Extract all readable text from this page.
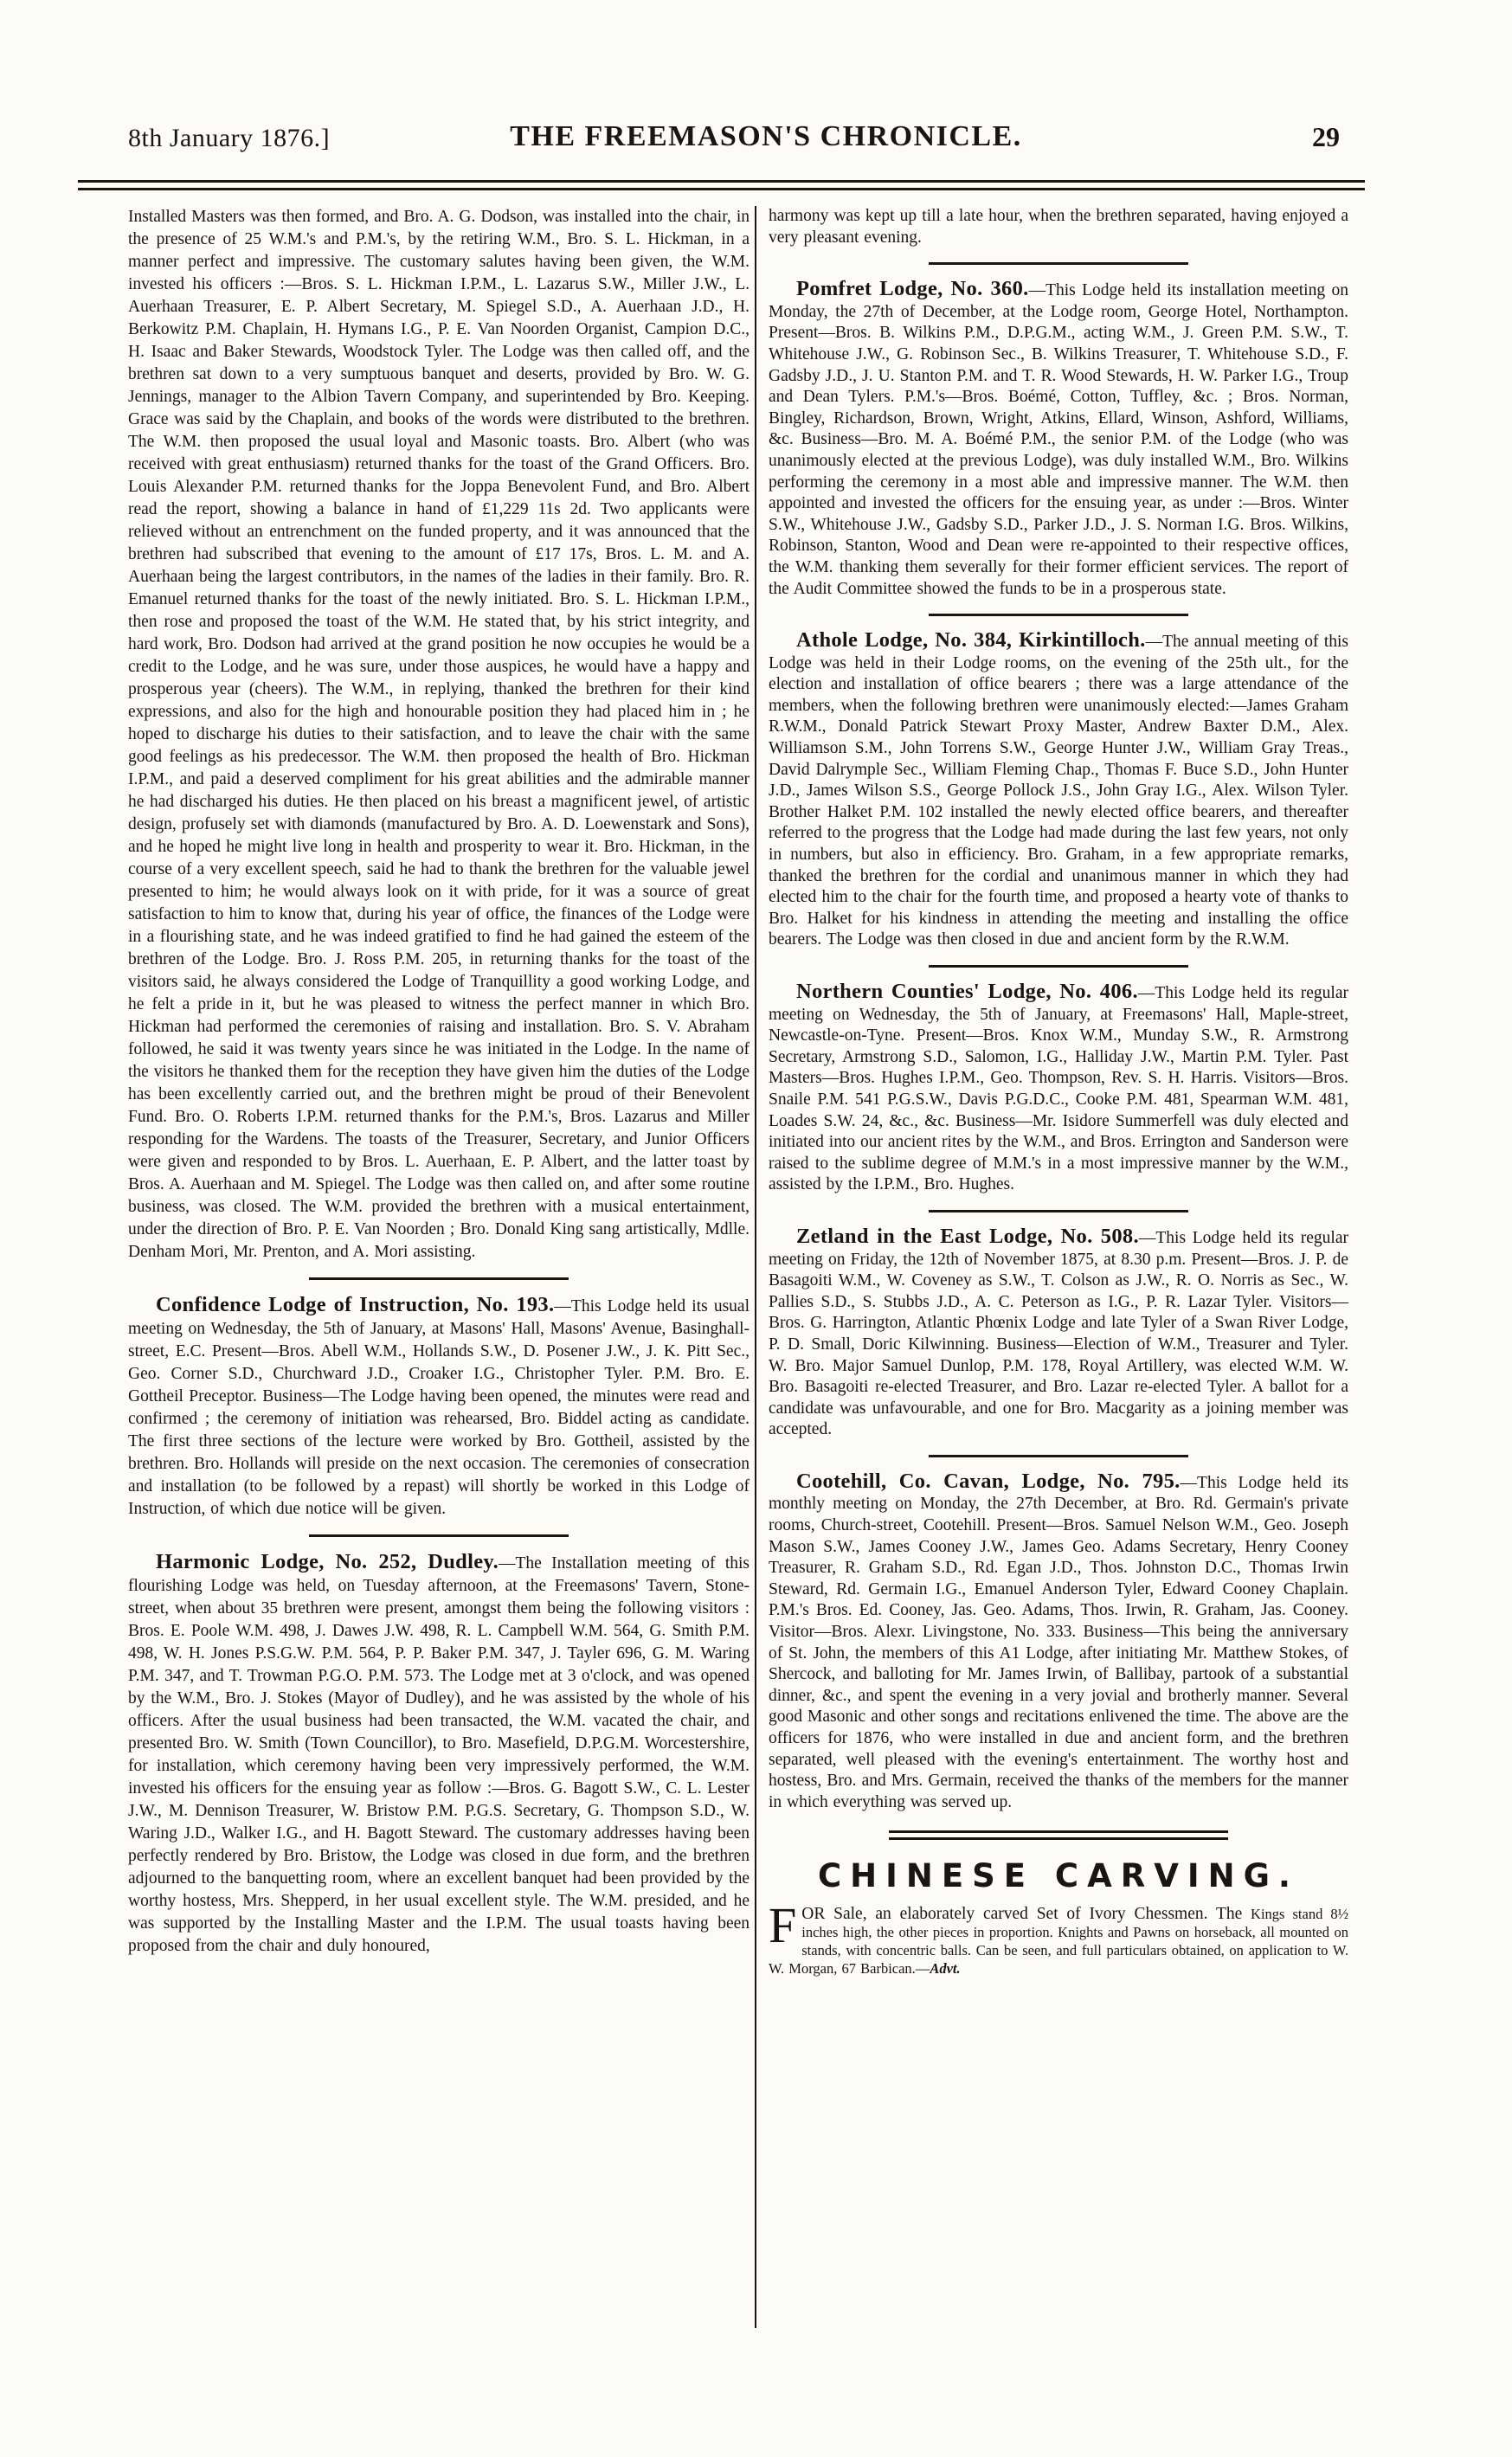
8th January 1876.]	THE FREEMASON'S CHRONICLE.	29

Installed Masters was then formed, and Bro. A. G. Dodson, was installed into the chair, in the presence of 25 W.M.'s and P.M.'s, by the retiring W.M., Bro. S. L. Hickman, in a manner perfect and impressive. The customary salutes having been given, the W.M. invested his officers :—Bros. S. L. Hickman I.P.M., L. Lazarus S.W., Miller J.W., L. Auerhaan Treasurer, E. P. Albert Secretary, M. Spiegel S.D., A. Auerhaan J.D., H. Berkowitz P.M. Chaplain, H. Hymans I.G., P. E. Van Noorden Organist, Campion D.C., H. Isaac and Baker Stewards, Woodstock Tyler. The Lodge was then called off, and the brethren sat down to a very sumptuous banquet and deserts, provided by Bro. W. G. Jennings, manager to the Albion Tavern Company, and superintended by Bro. Keeping. Grace was said by the Chaplain, and books of the words were distributed to the brethren. The W.M. then proposed the usual loyal and Masonic toasts. Bro. Albert (who was received with great enthusiasm) returned thanks for the toast of the Grand Officers. Bro. Louis Alexander P.M. returned thanks for the Joppa Benevolent Fund, and Bro. Albert read the report, showing a balance in hand of £1,229 11s 2d. Two applicants were relieved without an entrenchment on the funded property, and it was announced that the brethren had subscribed that evening to the amount of £17 17s, Bros. L. M. and A. Auerhaan being the largest contributors, in the names of the ladies in their family. Bro. R. Emanuel returned thanks for the toast of the newly initiated. Bro. S. L. Hickman I.P.M., then rose and proposed the toast of the W.M. He stated that, by his strict integrity, and hard work, Bro. Dodson had arrived at the grand position he now occupies he would be a credit to the Lodge, and he was sure, under those auspices, he would have a happy and prosperous year (cheers). The W.M., in replying, thanked the brethren for their kind expressions, and also for the high and honourable position they had placed him in ; he hoped to discharge his duties to their satisfaction, and to leave the chair with the same good feelings as his predecessor. The W.M. then proposed the health of Bro. Hickman I.P.M., and paid a deserved compliment for his great abilities and the admirable manner he had discharged his duties. He then placed on his breast a magnificent jewel, of artistic design, profusely set with diamonds (manufactured by Bro. A. D. Loewenstark and Sons), and he hoped he might live long in health and prosperity to wear it. Bro. Hickman, in the course of a very excellent speech, said he had to thank the brethren for the valuable jewel presented to him; he would always look on it with pride, for it was a source of great satisfaction to him to know that, during his year of office, the finances of the Lodge were in a flourishing state, and he was indeed gratified to find he had gained the esteem of the brethren of the Lodge. Bro. J. Ross P.M. 205, in returning thanks for the toast of the visitors said, he always considered the Lodge of Tranquillity a good working Lodge, and he felt a pride in it, but he was pleased to witness the perfect manner in which Bro. Hickman had performed the ceremonies of raising and installation. Bro. S. V. Abraham followed, he said it was twenty years since he was initiated in the Lodge. In the name of the visitors he thanked them for the reception they have given him the duties of the Lodge has been excellently carried out, and the brethren might be proud of their Benevolent Fund. Bro. O. Roberts I.P.M. returned thanks for the P.M.'s, Bros. Lazarus and Miller responding for the Wardens. The toasts of the Treasurer, Secretary, and Junior Officers were given and responded to by Bros. L. Auerhaan, E. P. Albert, and the latter toast by Bros. A. Auerhaan and M. Spiegel. The Lodge was then called on, and after some routine business, was closed. The W.M. provided the brethren with a musical entertainment, under the direction of Bro. P. E. Van Noorden ; Bro. Donald King sang artistically, Mdlle. Denham Mori, Mr. Prenton, and A. Mori assisting.

Confidence Lodge of Instruction, No. 193.—This Lodge held its usual meeting on Wednesday, the 5th of January, at Masons' Hall, Masons' Avenue, Basinghall-street, E.C. Present—Bros. Abell W.M., Hollands S.W., D. Posener J.W., J. K. Pitt Sec., Geo. Corner S.D., Churchward J.D., Croaker I.G., Christopher Tyler. P.M. Bro. E. Gottheil Preceptor. Business—The Lodge having been opened, the minutes were read and confirmed ; the ceremony of initiation was rehearsed, Bro. Biddel acting as candidate. The first three sections of the lecture were worked by Bro. Gottheil, assisted by the brethren. Bro. Hollands will preside on the next occasion. The ceremonies of consecration and installation (to be followed by a repast) will shortly be worked in this Lodge of Instruction, of which due notice will be given.

Harmonic Lodge, No. 252, Dudley.—The Installation meeting of this flourishing Lodge was held, on Tuesday afternoon, at the Freemasons' Tavern, Stone-street, when about 35 brethren were present, amongst them being the following visitors : Bros. E. Poole W.M. 498, J. Dawes J.W. 498, R. L. Campbell W.M. 564, G. Smith P.M. 498, W. H. Jones P.S.G.W. P.M. 564, P. P. Baker P.M. 347, J. Tayler 696, G. M. Waring P.M. 347, and T. Trowman P.G.O. P.M. 573. The Lodge met at 3 o'clock, and was opened by the W.M., Bro. J. Stokes (Mayor of Dudley), and he was assisted by the whole of his officers. After the usual business had been transacted, the W.M. vacated the chair, and presented Bro. W. Smith (Town Councillor), to Bro. Masefield, D.P.G.M. Worcestershire, for installation, which ceremony having been very impressively performed, the W.M. invested his officers for the ensuing year as follow :—Bros. G. Bagott S.W., C. L. Lester J.W., M. Dennison Treasurer, W. Bristow P.M. P.G.S. Secretary, G. Thompson S.D., W. Waring J.D., Walker I.G., and H. Bagott Steward. The customary addresses having been perfectly rendered by Bro. Bristow, the Lodge was closed in due form, and the brethren adjourned to the banquetting room, where an excellent banquet had been provided by the worthy hostess, Mrs. Shepperd, in her usual excellent style. The W.M. presided, and he was supported by the Installing Master and the I.P.M. The usual toasts having been proposed from the chair and duly honoured,

harmony was kept up till a late hour, when the brethren separated, having enjoyed a very pleasant evening.

Pomfret Lodge, No. 360.—This Lodge held its installation meeting on Monday, the 27th of December, at the Lodge room, George Hotel, Northampton. Present—Bros. B. Wilkins P.M., D.P.G.M., acting W.M., J. Green P.M. S.W., T. Whitehouse J.W., G. Robinson Sec., B. Wilkins Treasurer, T. Whitehouse S.D., F. Gadsby J.D., J. U. Stanton P.M. and T. R. Wood Stewards, H. W. Parker I.G., Troup and Dean Tylers. P.M.'s—Bros. Boémé, Cotton, Tuffley, &c. ; Bros. Norman, Bingley, Richardson, Brown, Wright, Atkins, Ellard, Winson, Ashford, Williams, &c. Business—Bro. M. A. Boémé P.M., the senior P.M. of the Lodge (who was unanimously elected at the previous Lodge), was duly installed W.M., Bro. Wilkins performing the ceremony in a most able and impressive manner. The W.M. then appointed and invested the officers for the ensuing year, as under :—Bros. Winter S.W., Whitehouse J.W., Gadsby S.D., Parker J.D., J. S. Norman I.G. Bros. Wilkins, Robinson, Stanton, Wood and Dean were re-appointed to their respective offices, the W.M. thanking them severally for their former efficient services. The report of the Audit Committee showed the funds to be in a prosperous state.

Athole Lodge, No. 384, Kirkintilloch.—The annual meeting of this Lodge was held in their Lodge rooms, on the evening of the 25th ult., for the election and installation of office bearers ; there was a large attendance of the members, when the following brethren were unanimously elected:—James Graham R.W.M., Donald Patrick Stewart Proxy Master, Andrew Baxter D.M., Alex. Williamson S.M., John Torrens S.W., George Hunter J.W., William Gray Treas., David Dalrymple Sec., William Fleming Chap., Thomas F. Buce S.D., John Hunter J.D., James Wilson S.S., George Pollock J.S., John Gray I.G., Alex. Wilson Tyler. Brother Halket P.M. 102 installed the newly elected office bearers, and thereafter referred to the progress that the Lodge had made during the last few years, not only in numbers, but also in efficiency. Bro. Graham, in a few appropriate remarks, thanked the brethren for the cordial and unanimous manner in which they had elected him to the chair for the fourth time, and proposed a hearty vote of thanks to Bro. Halket for his kindness in attending the meeting and installing the office bearers. The Lodge was then closed in due and ancient form by the R.W.M.

Northern Counties' Lodge, No. 406.—This Lodge held its regular meeting on Wednesday, the 5th of January, at Freemasons' Hall, Maple-street, Newcastle-on-Tyne. Present—Bros. Knox W.M., Munday S.W., R. Armstrong Secretary, Armstrong S.D., Salomon, I.G., Halliday J.W., Martin P.M. Tyler. Past Masters—Bros. Hughes I.P.M., Geo. Thompson, Rev. S. H. Harris. Visitors—Bros. Snaile P.M. 541 P.G.S.W., Davis P.G.D.C., Cooke P.M. 481, Spearman W.M. 481, Loades S.W. 24, &c., &c. Business—Mr. Isidore Summerfell was duly elected and initiated into our ancient rites by the W.M., and Bros. Errington and Sanderson were raised to the sublime degree of M.M.'s in a most impressive manner by the W.M., assisted by the I.P.M., Bro. Hughes.

Zetland in the East Lodge, No. 508.—This Lodge held its regular meeting on Friday, the 12th of November 1875, at 8.30 p.m. Present—Bros. J. P. de Basagoiti W.M., W. Coveney as S.W., T. Colson as J.W., R. O. Norris as Sec., W. Pallies S.D., S. Stubbs J.D., A. C. Peterson as I.G., P. R. Lazar Tyler. Visitors—Bros. G. Harrington, Atlantic Phœnix Lodge and late Tyler of a Swan River Lodge, P. D. Small, Doric Kilwinning. Business—Election of W.M., Treasurer and Tyler. W. Bro. Major Samuel Dunlop, P.M. 178, Royal Artillery, was elected W.M. W. Bro. Basagoiti re-elected Treasurer, and Bro. Lazar re-elected Tyler. A ballot for a candidate was unfavourable, and one for Bro. Macgarity as a joining member was accepted.

Cootehill, Co. Cavan, Lodge, No. 795.—This Lodge held its monthly meeting on Monday, the 27th December, at Bro. Rd. Germain's private rooms, Church-street, Cootehill. Present—Bros. Samuel Nelson W.M., Geo. Joseph Mason S.W., James Cooney J.W., James Geo. Adams Secretary, Henry Cooney Treasurer, R. Graham S.D., Rd. Egan J.D., Thos. Johnston D.C., Thomas Irwin Steward, Rd. Germain I.G., Emanuel Anderson Tyler, Edward Cooney Chaplain. P.M.'s Bros. Ed. Cooney, Jas. Geo. Adams, Thos. Irwin, R. Graham, Jas. Cooney. Visitor—Bros. Alexr. Livingstone, No. 333. Business—This being the anniversary of St. John, the members of this A1 Lodge, after initiating Mr. Matthew Stokes, of Shercock, and balloting for Mr. James Irwin, of Ballibay, partook of a substantial dinner, &c., and spent the evening in a very jovial and brotherly manner. Several good Masonic and other songs and recitations enlivened the time. The above are the officers for 1876, who were installed in due and ancient form, and the brethren separated, well pleased with the evening's entertainment. The worthy host and hostess, Bro. and Mrs. Germain, received the thanks of the members for the manner in which everything was served up.

CHINESE CARVING.

FOR Sale, an elaborately carved Set of Ivory Chessmen. The Kings stand 8½ inches high, the other pieces in proportion. Knights and Pawns on horseback, all mounted on stands, with concentric balls. Can be seen, and full particulars obtained, on application to W. W. Morgan, 67 Barbican.—Advt.
